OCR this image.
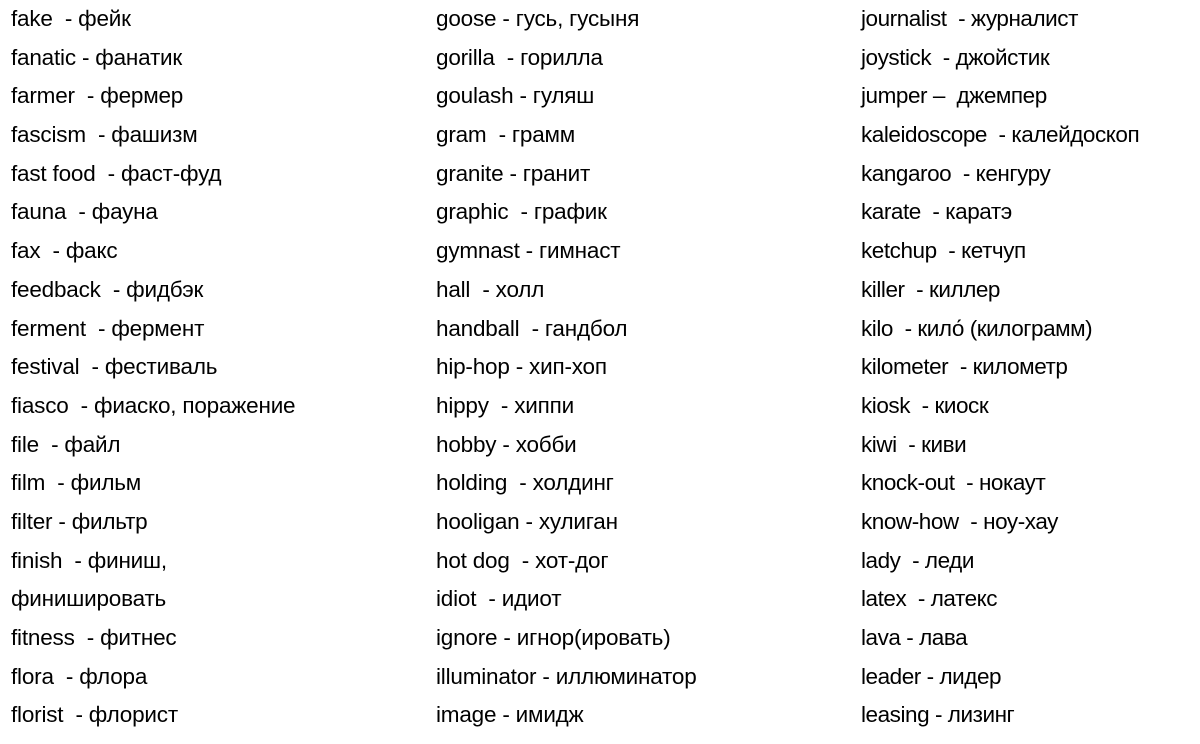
fake  - фейк
fanatic - фанатик
farmer  - фермер
fascism  - фашизм
fast food  - фаст-фуд
fauna  - фауна
fax  - факс
feedback  - фидбэк
ferment  - фермент
festival  - фестиваль
fiasco  - фиаско, поражение
file  - файл
film  - фильм
filter - фильтр
finish  - финиш,
финишировать
fitness  - фитнес
flora  - флора
florist  - флорист
goose - гусь, гусыня
gorilla  - горилла
goulash - гуляш
gram  - грамм
granite - гранит
graphic  - график
gymnast - гимнаст
hall  - холл
handball  - гандбол
hip-hop - хип-хоп
hippy  - хиппи
hobby - хобби
holding  - холдинг
hooligan - хулиган
hot dog  - хот-дог
idiot  - идиот
ignore - игнор(ировать)
illuminator - иллюминатор
image - имидж
journalist  - журналист
joystick  - джойстик
jumper –  джемпер
kaleidoscope  - калейдоскоп
kangaroo  - кенгуру
karate  - каратэ
ketchup  - кетчуп
killer  - киллер
kilo  - кило́ (килограмм)
kilometer  - километр
kiosk  - киоск
kiwi  - киви
knock-out  - нокаут
know-how  - ноу-хау
lady  - леди
latex  - латекс
lava - лава
leader - лидер
leasing - лизинг
